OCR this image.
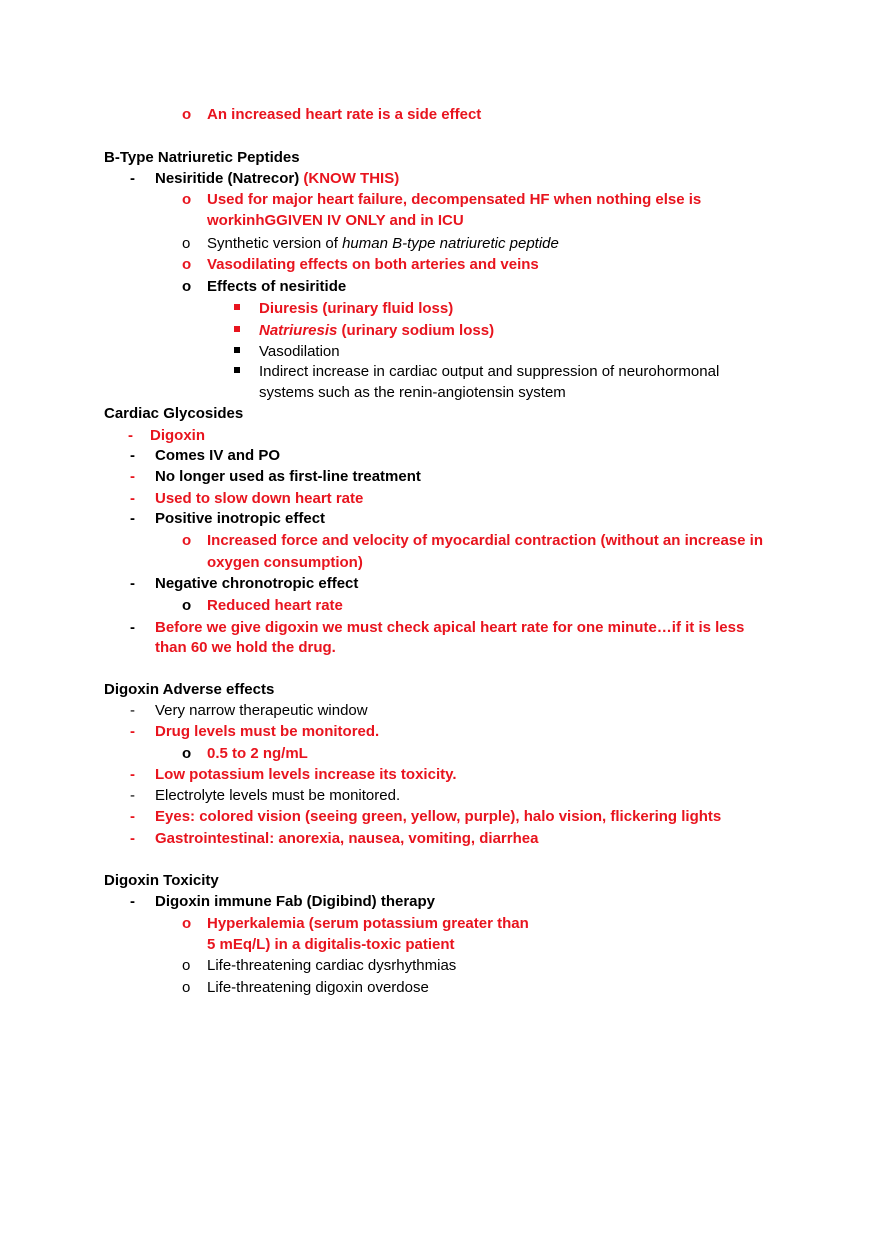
o An increased heart rate is a side effect
B-Type Natriuretic Peptides
- Nesiritide (Natrecor) (KNOW THIS)
o Used for major heart failure, decompensated HF when nothing else is
workinhGGIVEN IV ONLY and in ICU
o Synthetic version of human B-type natriuretic peptide
o Vasodilating effects on both arteries and veins
o Effects of nesiritide
Diuresis (urinary fluid loss)
Natriuresis (urinary sodium loss)
Vasodilation
Indirect increase in cardiac output and suppression of neurohormonal
systems such as the renin-angiotensin system
Cardiac Glycosides
- Digoxin
- Comes IV and PO
- No longer used as first-line treatment
- Used to slow down heart rate
- Positive inotropic effect
o Increased force and velocity of myocardial contraction (without an increase in
oxygen consumption)
- Negative chronotropic effect
o Reduced heart rate
- Before we give digoxin we must check apical heart rate for one minute…if it is less
than 60 we hold the drug.
Digoxin Adverse effects
- Very narrow therapeutic window
- Drug levels must be monitored.
o 0.5 to 2 ng/mL
- Low potassium levels increase its toxicity.
- Electrolyte levels must be monitored.
- Eyes: colored vision (seeing green, yellow, purple), halo vision, flickering lights
- Gastrointestinal: anorexia, nausea, vomiting, diarrhea
Digoxin Toxicity
- Digoxin immune Fab (Digibind) therapy
o Hyperkalemia (serum potassium greater than
5 mEq/L) in a digitalis-toxic patient
o Life-threatening cardiac dysrhythmias
o Life-threatening digoxin overdose
